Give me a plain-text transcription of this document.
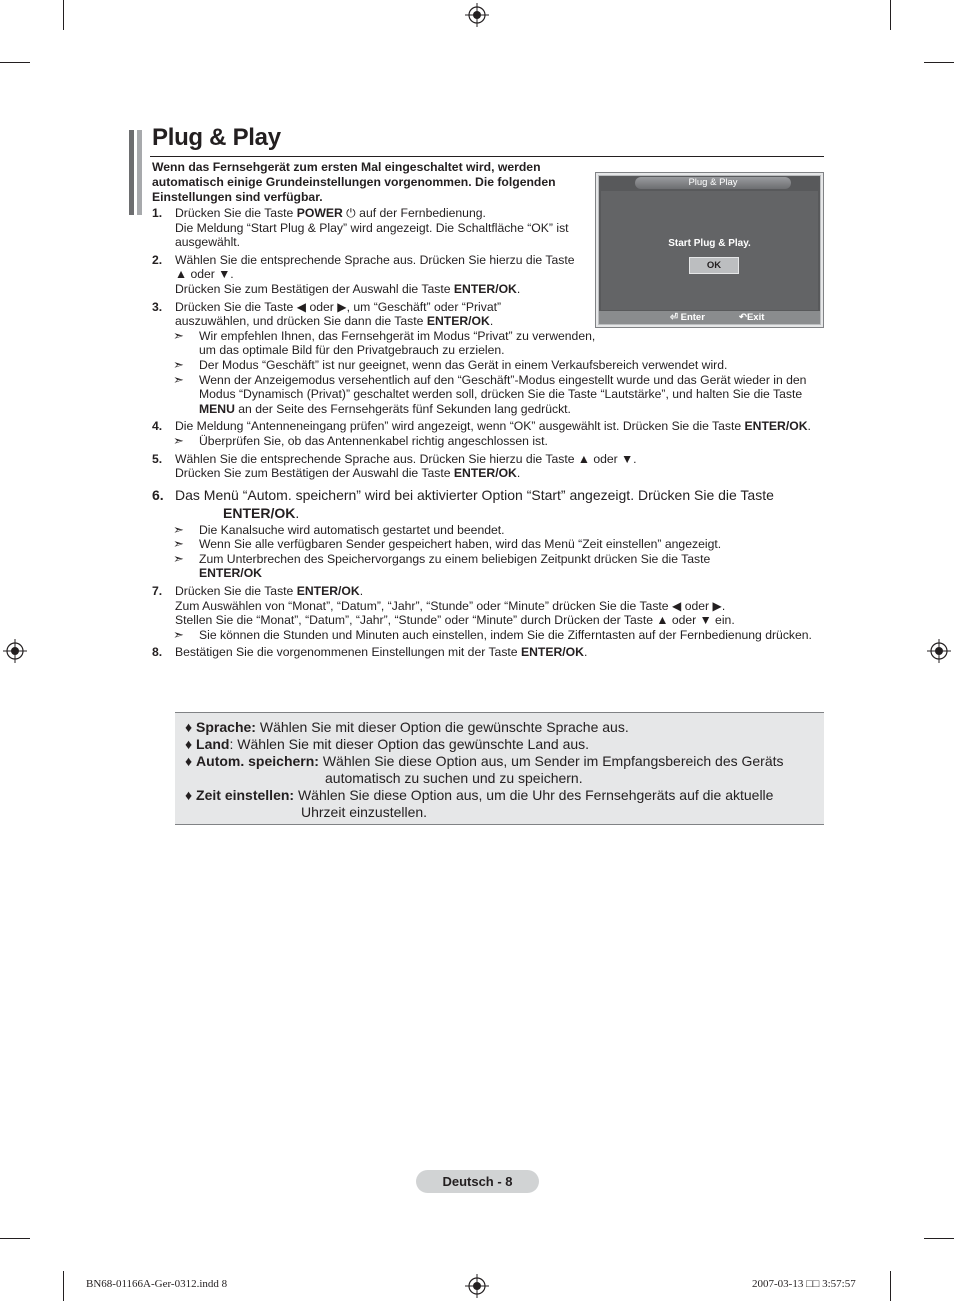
Plug & Play
Wenn das Fernsehgerät zum ersten Mal eingeschaltet wird, werden automatisch einige Grundeinstellungen vorgenommen. Die folgenden Einstellungen sind verfügbar.
Plug & Play
Start Plug & Play.
OK
⏎ Enter	↶Exit
1. Drücken Sie die Taste POWER ⏻ auf der Fernbedienung.
Die Meldung “Start Plug & Play” wird angezeigt. Die Schaltfläche “OK” ist ausgewählt.
2. Wählen Sie die entsprechende Sprache aus. Drücken Sie hierzu die Taste ▲ oder ▼.
Drücken Sie zum Bestätigen der Auswahl die Taste ENTER/OK.
3. Drücken Sie die Taste ◀ oder ▶, um “Geschäft” oder “Privat” auszuwählen, und drücken Sie dann die Taste ENTER/OK.
➣ Wir empfehlen Ihnen, das Fernsehgerät im Modus “Privat” zu verwenden, um das optimale Bild für den Privatgebrauch zu erzielen.
➣ Der Modus “Geschäft” ist nur geeignet, wenn das Gerät in einem Verkaufsbereich verwendet wird.
➣ Wenn der Anzeigemodus versehentlich auf den “Geschäft”-Modus eingestellt wurde und das Gerät wieder in den Modus “Dynamisch (Privat)” geschaltet werden soll, drücken Sie die Taste “Lautstärke”, und halten Sie die Taste MENU an der Seite des Fernsehgeräts fünf Sekunden lang gedrückt.
4. Die Meldung “Antenneneingang prüfen” wird angezeigt, wenn “OK” ausgewählt ist. Drücken Sie die Taste ENTER/OK.
➣ Überprüfen Sie, ob das Antennenkabel richtig angeschlossen ist.
5. Wählen Sie die entsprechende Sprache aus. Drücken Sie hierzu die Taste ▲ oder ▼.
Drücken Sie zum Bestätigen der Auswahl die Taste ENTER/OK.
6. Das Menü “Autom. speichern” wird bei aktivierter Option “Start” angezeigt. Drücken Sie die Taste
ENTER/OK.
➣ Die Kanalsuche wird automatisch gestartet und beendet.
➣ Wenn Sie alle verfügbaren Sender gespeichert haben, wird das Menü “Zeit einstellen” angezeigt.
➣ Zum Unterbrechen des Speichervorgangs zu einem beliebigen Zeitpunkt drücken Sie die Taste
ENTER/OK
7. Drücken Sie die Taste ENTER/OK.
Zum Auswählen von “Monat”, “Datum”, “Jahr”, “Stunde” oder “Minute” drücken Sie die Taste ◀ oder ▶.
Stellen Sie die “Monat”, “Datum”, “Jahr”, “Stunde” oder “Minute” durch Drücken der Taste ▲ oder ▼ ein.
➣ Sie können die Stunden und Minuten auch einstellen, indem Sie die Zifferntasten auf der Fernbedienung drücken.
8. Bestätigen Sie die vorgenommenen Einstellungen mit der Taste ENTER/OK.
♦ Sprache: Wählen Sie mit dieser Option die gewünschte Sprache aus.
♦ Land: Wählen Sie mit dieser Option das gewünschte Land aus.
♦ Autom. speichern: Wählen Sie diese Option aus, um Sender im Empfangsbereich des Geräts
automatisch zu suchen und zu speichern.
♦ Zeit einstellen: Wählen Sie diese Option aus, um die Uhr des Fernsehgeräts auf die aktuelle
Uhrzeit einzustellen.
Deutsch - 8
BN68-01166A-Ger-0312.indd 8	2007-03-13 □□ 3:57:57
